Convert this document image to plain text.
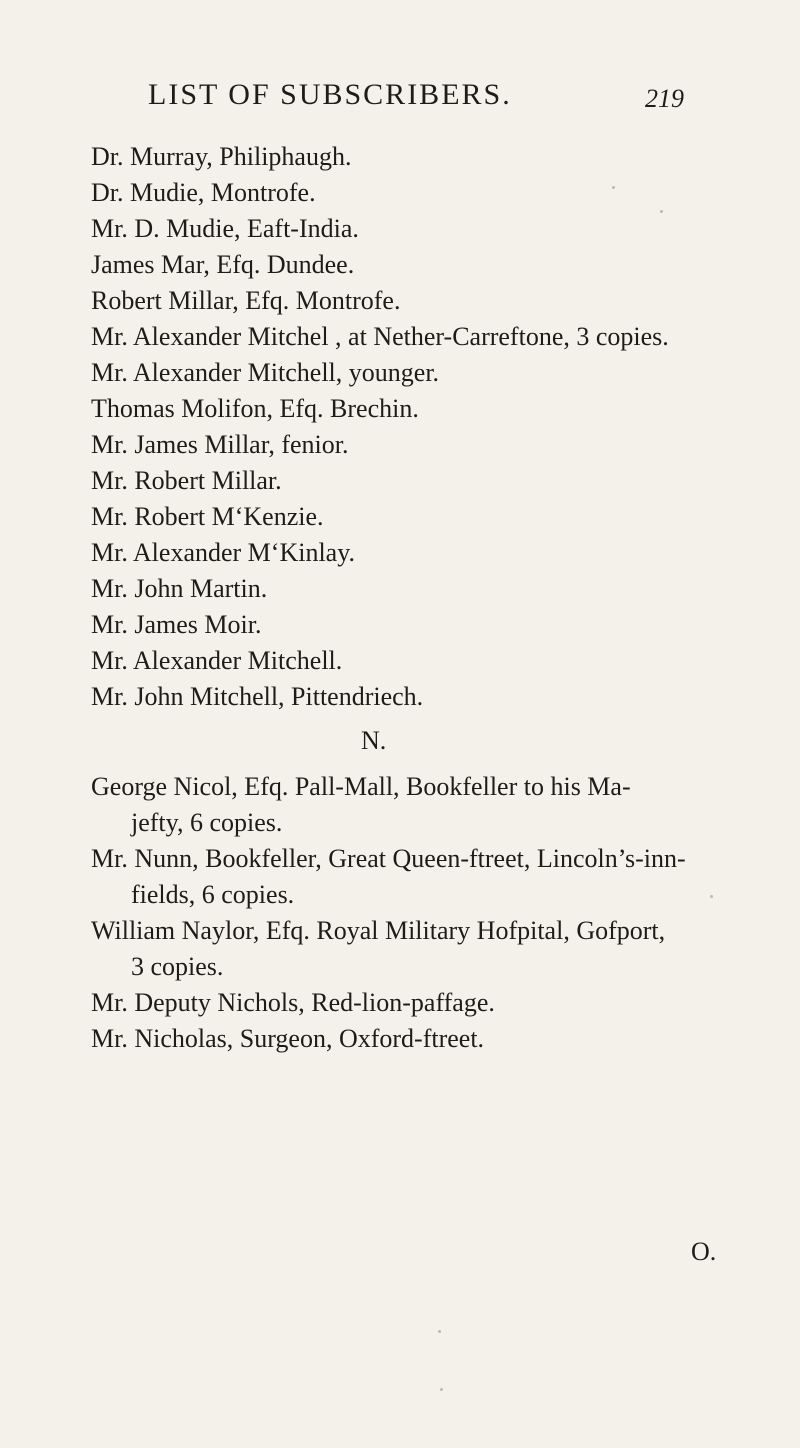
LIST OF SUBSCRIBERS.	219
Dr. Murray, Philiphaugh.
Dr. Mudie, Montrofe.
Mr. D. Mudie, Eaft-India.
James Mar, Efq. Dundee.
Robert Millar, Efq. Montrofe.
Mr. Alexander Mitchel , at Nether-Carreftone, 3 copies.
Mr. Alexander Mitchell, younger.
Thomas Molifon, Efq. Brechin.
Mr. James Millar, fenior.
Mr. Robert Millar.
Mr. Robert M‘Kenzie.
Mr. Alexander M‘Kinlay.
Mr. John Martin.
Mr. James Moir.
Mr. Alexander Mitchell.
Mr. John Mitchell, Pittendriech.
N.
George Nicol, Efq. Pall-Mall, Bookfeller to his Ma-
jefty, 6 copies.
Mr. Nunn, Bookfeller, Great Queen-ftreet, Lincoln’s-inn-
fields, 6 copies.
William Naylor, Efq. Royal Military Hofpital, Gofport,
3 copies.
Mr. Deputy Nichols, Red-lion-paffage.
Mr. Nicholas, Surgeon, Oxford-ftreet.
O.
